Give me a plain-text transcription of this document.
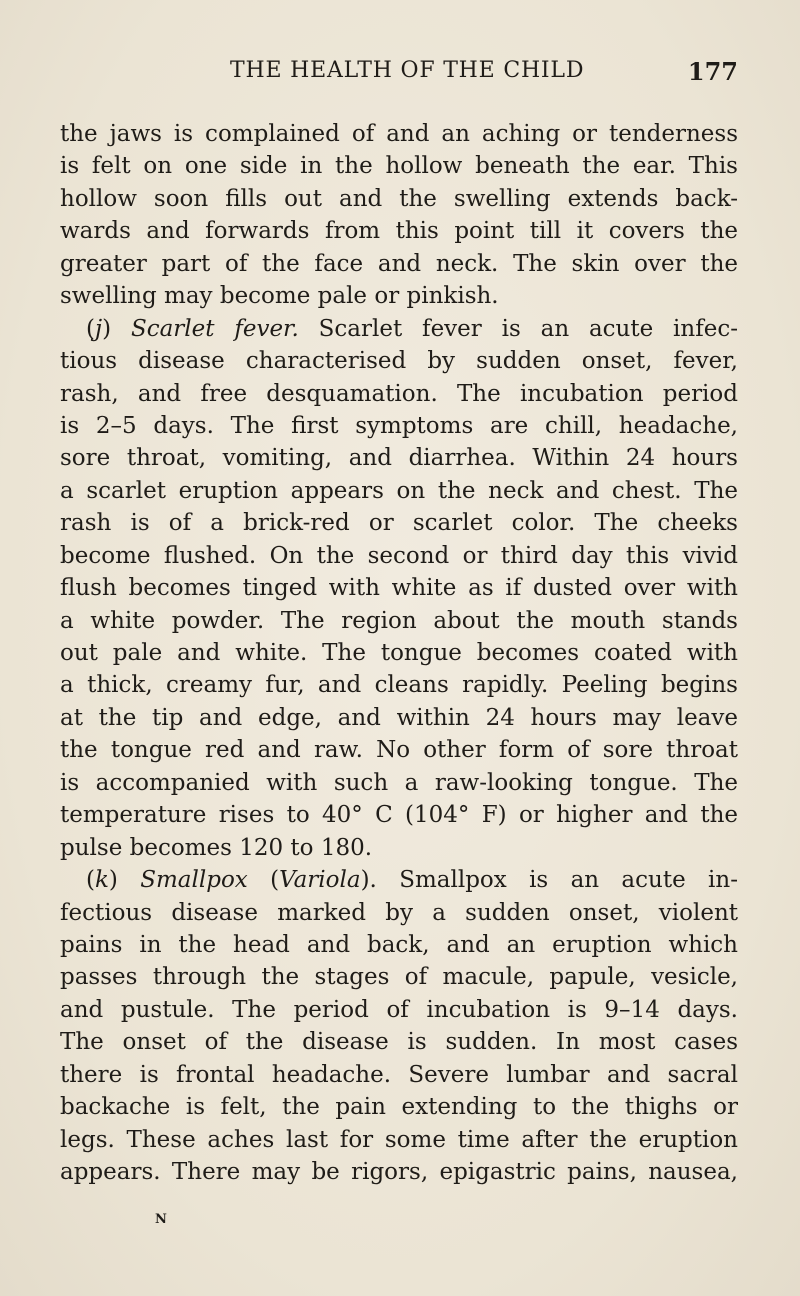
THE HEALTH OF THE CHILD	177
the jaws is complained of and an aching or tenderness
is felt on one side in the hollow beneath the ear. This
hollow soon fills out and the swelling extends back-
wards and forwards from this point till it covers the
greater part of the face and neck. The skin over the
swelling may become pale or pinkish.
(j) Scarlet fever. Scarlet fever is an acute infec-
tious disease characterised by sudden onset, fever,
rash, and free desquamation. The incubation period
is 2–5 days. The first symptoms are chill, headache,
sore throat, vomiting, and diarrhea. Within 24 hours
a scarlet eruption appears on the neck and chest. The
rash is of a brick-red or scarlet color. The cheeks
become flushed. On the second or third day this vivid
flush becomes tinged with white as if dusted over with
a white powder. The region about the mouth stands
out pale and white. The tongue becomes coated with
a thick, creamy fur, and cleans rapidly. Peeling begins
at the tip and edge, and within 24 hours may leave
the tongue red and raw. No other form of sore throat
is accompanied with such a raw-looking tongue. The
temperature rises to 40° C (104° F) or higher and the
pulse becomes 120 to 180.
(k) Smallpox (Variola). Smallpox is an acute in-
fectious disease marked by a sudden onset, violent
pains in the head and back, and an eruption which
passes through the stages of macule, papule, vesicle,
and pustule. The period of incubation is 9–14 days.
The onset of the disease is sudden. In most cases
there is frontal headache. Severe lumbar and sacral
backache is felt, the pain extending to the thighs or
legs. These aches last for some time after the eruption
appears. There may be rigors, epigastric pains, nausea,
N
